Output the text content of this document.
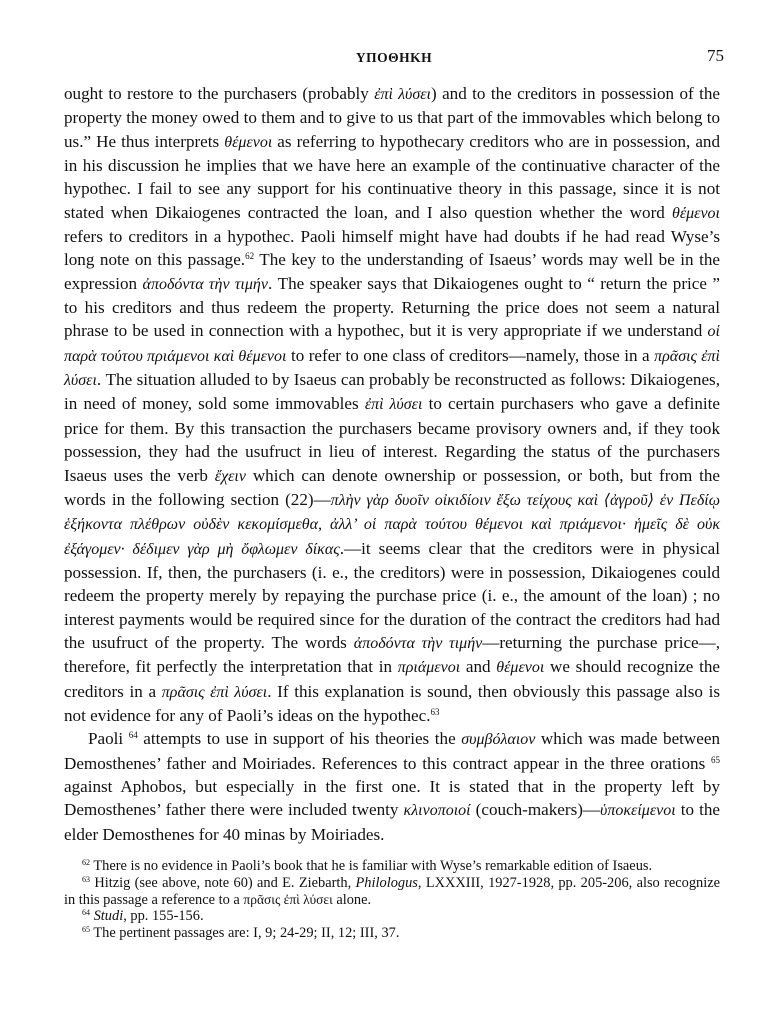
ΥΠΟΘΗΚΗ	75

ought to restore to the purchasers (probably ἐπὶ λύσει) and to the creditors in possession of the property the money owed to them and to give to us that part of the immovables which belong to us.” He thus interprets θέμενοι as referring to hypothecary creditors who are in possession, and in his discussion he implies that we have here an example of the continuative character of the hypothec. I fail to see any support for his continuative theory in this passage, since it is not stated when Dikaiogenes contracted the loan, and I also question whether the word θέμενοι refers to creditors in a hypothec. Paoli himself might have had doubts if he had read Wyse’s long note on this passage.$^{62}$ The key to the understanding of Isaeus’ words may well be in the expression ἀποδόντα τὴν τιμήν. The speaker says that Dikaiogenes ought to “ return the price ” to his creditors and thus redeem the property. Returning the price does not seem a natural phrase to be used in connection with a hypothec, but it is very appropriate if we understand οἱ παρὰ τούτου πριάμενοι καὶ θέμενοι to refer to one class of creditors—namely, those in a πρᾶσις ἐπὶ λύσει. The situation alluded to by Isaeus can probably be reconstructed as follows: Dikaiogenes, in need of money, sold some immovables ἐπὶ λύσει to certain purchasers who gave a definite price for them. By this transaction the purchasers became provisory owners and, if they took possession, they had the usufruct in lieu of interest. Regarding the status of the purchasers Isaeus uses the verb ἔχειν which can denote ownership or possession, or both, but from the words in the following section (22)—πλὴν γὰρ δυοῖν οἰκιδίοιν ἔξω τείχους καὶ ⟨ἀγροῦ⟩ ἐν Πεδίῳ ἑξήκοντα πλέθρων οὐδὲν κεκομίσμεθα, ἀλλ’ οἱ παρὰ τούτου θέμενοι καὶ πριάμενοι· ἡμεῖς δὲ οὐκ ἐξάγομεν· δέδιμεν γὰρ μὴ ὄφλωμεν δίκας.—it seems clear that the creditors were in physical possession. If, then, the purchasers (i. e., the creditors) were in possession, Dikaiogenes could redeem the property merely by repaying the purchase price (i. e., the amount of the loan) ; no interest payments would be required since for the duration of the contract the creditors had had the usufruct of the property. The words ἀποδόντα τὴν τιμήν—returning the purchase price—, therefore, fit perfectly the interpretation that in πριάμενοι and θέμενοι we should recognize the creditors in a πρᾶσις ἐπὶ λύσει. If this explanation is sound, then obviously this passage also is not evidence for any of Paoli’s ideas on the hypothec.$^{63}$

Paoli $^{64}$ attempts to use in support of his theories the συμβόλαιον which was made between Demosthenes’ father and Moiriades. References to this contract appear in the three orations $^{65}$ against Aphobos, but especially in the first one. It is stated that in the property left by Demosthenes’ father there were included twenty κλινοποιοί (couch-makers)—ὑποκείμενοι to the elder Demosthenes for 40 minas by Moiriades.

$^{62}$ There is no evidence in Paoli’s book that he is familiar with Wyse’s remarkable edition of Isaeus.

$^{63}$ Hitzig (see above, note 60) and E. Ziebarth, Philologus, LXXXIII, 1927-1928, pp. 205-206, also recognize in this passage a reference to a πρᾶσις ἐπὶ λύσει alone.

$^{64}$ Studi, pp. 155-156.

$^{65}$ The pertinent passages are: I, 9; 24-29; II, 12; III, 37.
